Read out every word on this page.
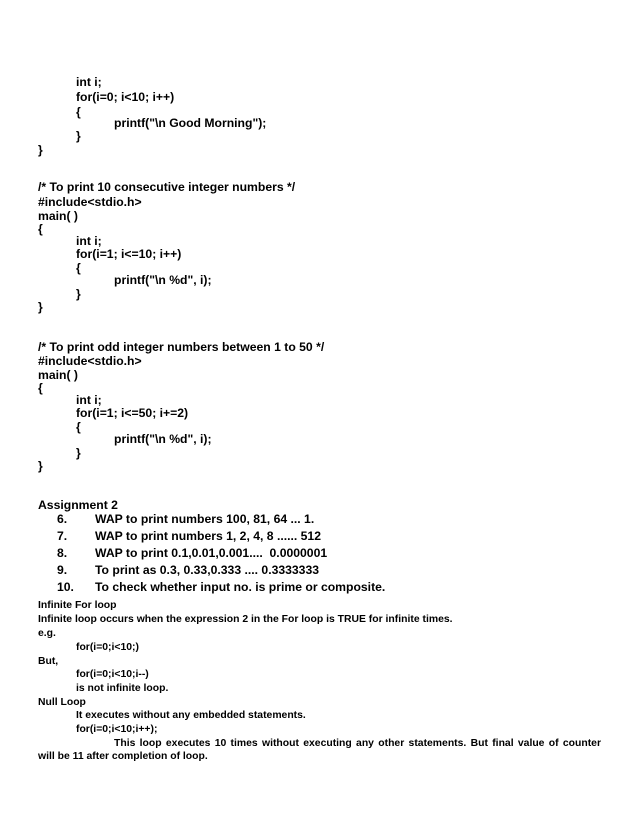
int i;
for(i=0; i<10; i++)
{
printf("\n Good Morning");
}
}
/* To print 10 consecutive integer numbers */
#include<stdio.h>
main( )
{
int i;
for(i=1; i<=10; i++)
{
printf("\n %d", i);
}
}
/* To print odd integer numbers between 1 to 50 */
#include<stdio.h>
main( )
{
int i;
for(i=1; i<=50; i+=2)
{
printf("\n %d", i);
}
}
Assignment 2
6. WAP to print numbers 100, 81, 64 ... 1.
7. WAP to print numbers 1, 2, 4, 8 ...... 512
8. WAP to print 0.1,0.01,0.001....  0.0000001
9. To print as 0.3, 0.33,0.333 .... 0.3333333
10. To check whether input no. is prime or composite.
Infinite For loop
Infinite loop occurs when the expression 2 in the For loop is TRUE for infinite times.
e.g.
for(i=0;i<10;)
But,
for(i=0;i<10;i--)
is not infinite loop.
Null Loop
It executes without any embedded statements.
for(i=0;i<10;i++);
This loop executes 10 times without executing any other statements. But final value of counter
will be 11 after completion of loop.
